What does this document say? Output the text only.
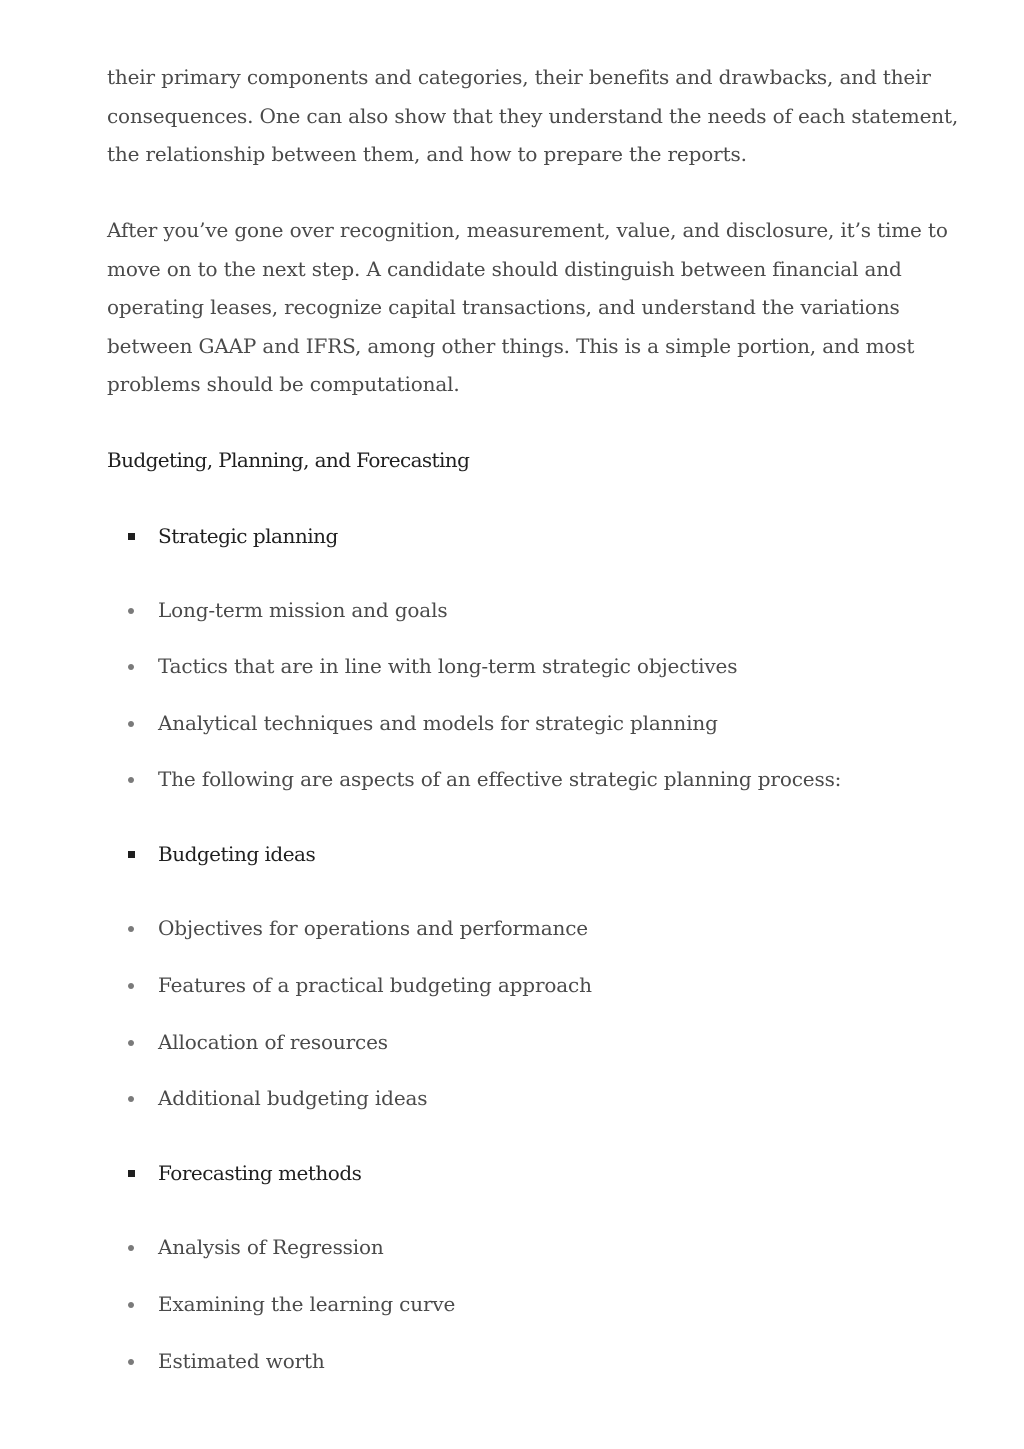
their primary components and categories, their benefits and drawbacks, and their
consequences. One can also show that they understand the needs of each statement,
the relationship between them, and how to prepare the reports.

After you’ve gone over recognition, measurement, value, and disclosure, it’s time to
move on to the next step. A candidate should distinguish between financial and
operating leases, recognize capital transactions, and understand the variations
between GAAP and IFRS, among other things. This is a simple portion, and most
problems should be computational.

Budgeting, Planning, and Forecasting
Strategic planning
Long-term mission and goals
Tactics that are in line with long-term strategic objectives
Analytical techniques and models for strategic planning
The following are aspects of an effective strategic planning process:
Budgeting ideas
Objectives for operations and performance
Features of a practical budgeting approach
Allocation of resources
Additional budgeting ideas
Forecasting methods
Analysis of Regression
Examining the learning curve
Estimated worth
